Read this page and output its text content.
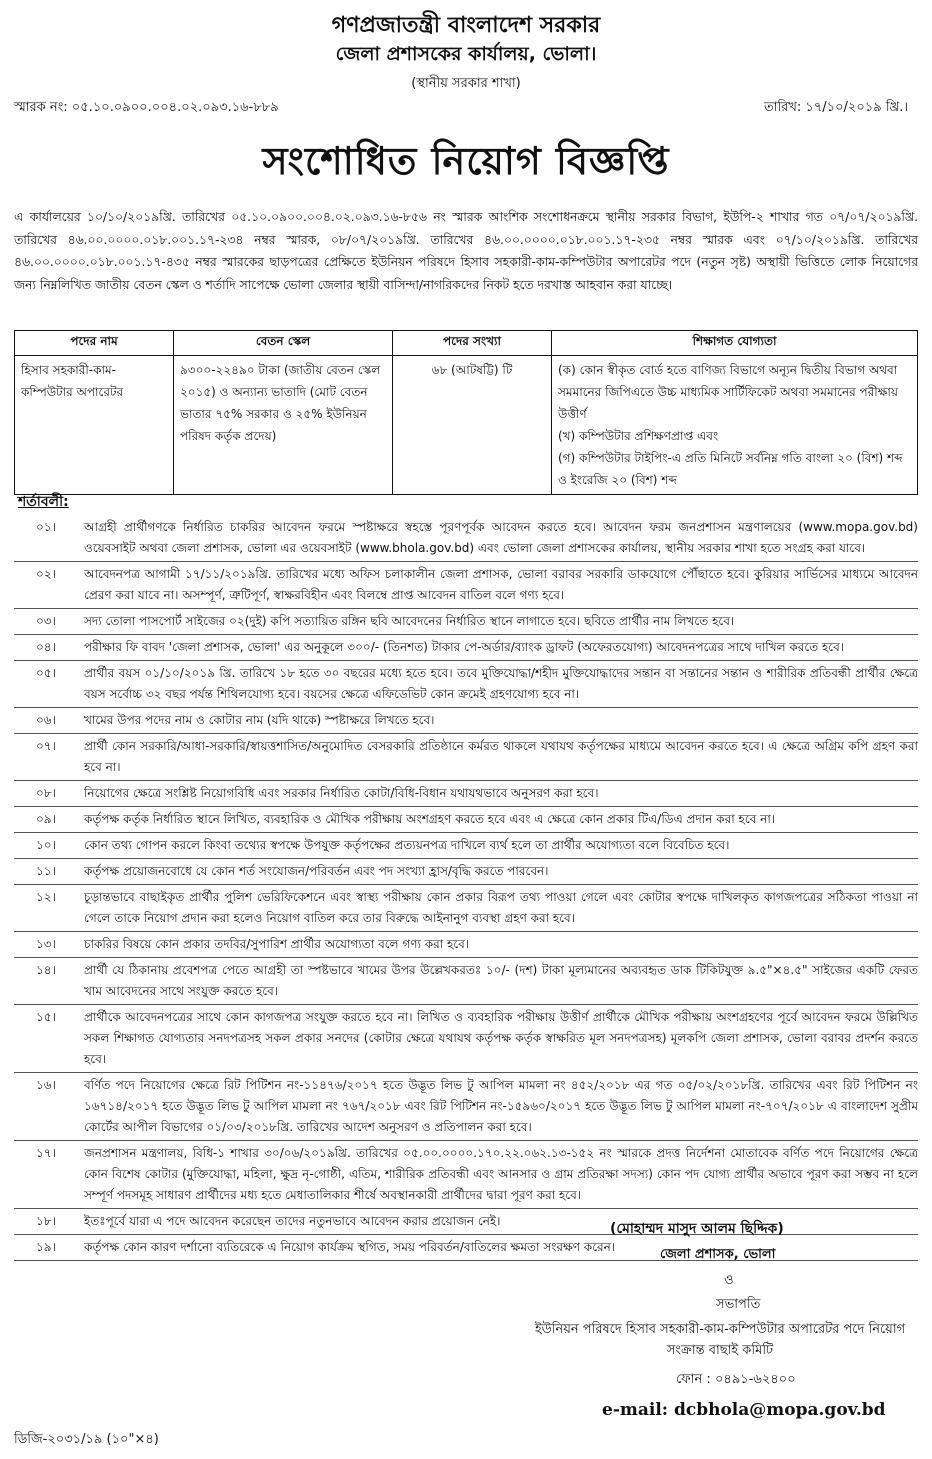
গণপ্রজাতন্ত্রী বাংলাদেশ সরকার
জেলা প্রশাসকের কার্যালয়, ভোলা।
(স্থানীয় সরকার শাখা)
স্মারক নং: ০৫.১০.০৯০০.০০৪.০২.০৯৩.১৬-৮৮৯	তারিখ: ১৭/১০/২০১৯ খ্রি.।
সংশোধিত নিয়োগ বিজ্ঞপ্তি
এ কার্যালয়ের ১০/১০/২০১৯খ্রি. তারিখের ০৫.১০.০৯০০.০০৪.০২.০৯৩.১৬-৮৫৬ নং স্মারক আংশিক সংশোধনক্রমে স্থানীয় সরকার বিভাগ, ইউপি-২ শাখার গত ০৭/০৭/২০১৯খ্রি. তারিখের ৪৬.০০.০০০০.০১৮.০০১.১৭-২৩৪ নম্বর স্মারক, ০৮/০৭/২০১৯খ্রি. তারিখের ৪৬.০০.০০০০.০১৮.০০১.১৭-২৩৫ নম্বর স্মারক এবং ০৭/১০/২০১৯খ্রি. তারিখের ৪৬.০০.০০০০.০১৮.০০১.১৭-৪৩৫ নম্বর স্মারকের ছাড়পত্রের প্রেক্ষিতে ইউনিয়ন পরিষদে হিসাব সহকারী-কাম-কম্পিউটার অপারেটর পদে (নতুন সৃষ্ট) অস্থায়ী ভিত্তিতে লোক নিয়োগের জন্য নিম্নলিখিত জাতীয় বেতন স্কেল ও শর্তাদি সাপেক্ষে ভোলা জেলার স্থায়ী বাসিন্দা/নাগরিকদের নিকট হতে দরখাস্ত আহবান করা যাচ্ছে।
পদের নাম	বেতন স্কেল	পদের সংখ্যা	শিক্ষাগত যোগ্যতা
হিসাব সহকারী-কাম-কম্পিউটার অপারেটর	৯৩০০-২২৪৯০ টাকা (জাতীয় বেতন স্কেল ২০১৫) ও অন্যান্য ভাতাদি (মোট বেতন ভাতার ৭৫% সরকার ও ২৫% ইউনিয়ন পরিষদ কর্তৃক প্রদেয়)	৬৮ (আটষট্টি) টি	(ক) কোন স্বীকৃত বোর্ড হতে বাণিজ্য বিভাগে অন্যূন দ্বিতীয় বিভাগ অথবা সমমানের জিপিএতে উচ্চ মাধ্যমিক সার্টিফিকেট অথবা সমমানের পরীক্ষায় উত্তীর্ণ
(খ) কম্পিউটার প্রশিক্ষণপ্রাপ্ত এবং
(গ) কম্পিউটার টাইপিং-এ প্রতি মিনিটে সর্বনিম্ন গতি বাংলা ২০ (বিশ) শব্দ ও ইংরেজি ২০ (বিশ) শব্দ
শর্তাবলী:
০১।	আগ্রহী প্রার্থীগণকে নির্ধারিত চাকরির আবেদন ফরমে স্পষ্টাক্ষরে স্বহস্তে পূরণপূর্বক আবেদন করতে হবে। আবেদন ফরম জনপ্রশাসন মন্ত্রণালয়ের (www.mopa.gov.bd) ওয়েবসাইট অথবা জেলা প্রশাসক, ভোলা এর ওয়েবসাইট (www.bhola.gov.bd) এবং ভোলা জেলা প্রশাসকের কার্যালয়, স্থানীয় সরকার শাখা হতে সংগ্রহ করা যাবে।
০২।	আবেদনপত্র আগামী ১৭/১১/২০১৯খ্রি. তারিখের মধ্যে অফিস চলাকালীন জেলা প্রশাসক, ভোলা বরাবর সরকারি ডাকযোগে পৌঁছাতে হবে। কুরিয়ার সার্ভিসের মাধ্যমে আবেদন প্রেরণ করা যাবে না। অসম্পূর্ণ, ত্রুটিপূর্ণ, স্বাক্ষরবিহীন এবং বিলম্বে প্রাপ্ত আবেদন বাতিল বলে গণ্য হবে।
০৩।	সদ্য তোলা পাসপোর্ট সাইজের ০২(দুই) কপি সত্যায়িত রঙ্গিন ছবি আবেদনের নির্ধারিত স্থানে লাগাতে হবে। ছবিতে প্রার্থীর নাম লিখতে হবে।
০৪।	পরীক্ষার ফি বাবদ 'জেলা প্রশাসক, ভোলা' এর অনুকূলে ৩০০/- (তিনশত) টাকার পে-অর্ডার/ব্যাংক ড্রাফট (অফেরতযোগ্য) আবেদনপত্রের সাথে দাখিল করতে হবে।
০৫।	প্রার্থীর বয়স ০১/১০/২০১৯ খ্রি. তারিখে ১৮ হতে ৩০ বছরের মধ্যে হতে হবে। তবে মুক্তিযোদ্ধা/শহীদ মুক্তিযোদ্ধাদের সন্তান বা সন্তানের সন্তান ও শারীরিক প্রতিবন্ধী প্রার্থীর ক্ষেত্রে বয়স সর্বোচ্চ ৩২ বছর পর্যন্ত শিথিলযোগ্য হবে। বয়সের ক্ষেত্রে এফিডেভিট কোন ক্রমেই গ্রহণযোগ্য হবে না।
০৬।	খামের উপর পদের নাম ও কোটার নাম (যদি থাকে) স্পষ্টাক্ষরে লিখতে হবে।
০৭।	প্রার্থী কোন সরকারি/আধা-সরকারি/স্বায়ত্তশাসিত/অনুমোদিত বেসরকারি প্রতিষ্ঠানে কর্মরত থাকলে যথাযথ কর্তৃপক্ষের মাধ্যমে আবেদন করতে হবে। এ ক্ষেত্রে অগ্রিম কপি গ্রহণ করা হবে না।
০৮।	নিয়োগের ক্ষেত্রে সংশ্লিষ্ট নিয়োগবিধি এবং সরকার নির্ধারিত কোটা/বিধি-বিধান যথাযথভাবে অনুসরণ করা হবে।
০৯।	কর্তৃপক্ষ কর্তৃক নির্ধারিত স্থানে লিখিত, ব্যবহারিক ও মৌখিক পরীক্ষায় অংশগ্রহণ করতে হবে এবং এ ক্ষেত্রে কোন প্রকার টিএ/ডিএ প্রদান করা হবে না।
১০।	কোন তথ্য গোপন করলে কিংবা তথ্যের স্বপক্ষে উপযুক্ত কর্তৃপক্ষের প্রত্যয়নপত্র দাখিলে ব্যর্থ হলে তা প্রার্থীর অযোগ্যতা বলে বিবেচিত হবে।
১১।	কর্তৃপক্ষ প্রয়োজনবোধে যে কোন শর্ত সংযোজন/পরিবর্তন এবং পদ সংখ্যা হ্রাস/বৃদ্ধি করতে পারবেন।
১২।	চূড়ান্তভাবে বাছাইকৃত প্রার্থীর পুলিশ ভেরিফিকেশনে এবং স্বাস্থ্য পরীক্ষায় কোন প্রকার বিরূপ তথ্য পাওয়া গেলে এবং কোটার স্বপক্ষে দাখিলকৃত কাগজপত্রের সঠিকতা পাওয়া না গেলে তাকে নিয়োগ প্রদান করা হলেও নিয়োগ বাতিল করে তার বিরুদ্ধে আইনানুগ ব্যবস্থা গ্রহণ করা হবে।
১৩।	চাকরির বিষয়ে কোন প্রকার তদবির/সুপারিশ প্রার্থীর অযোগ্যতা বলে গণ্য করা হবে।
১৪।	প্রার্থী যে ঠিকানায় প্রবেশপত্র পেতে আগ্রহী তা স্পষ্টভাবে খামের উপর উল্লেখকরতঃ ১০/- (দশ) টাকা মূল্যমানের অব্যবহৃত ডাক টিকিটযুক্ত ৯.৫"×৪.৫" সাইজের একটি ফেরত খাম আবেদনের সাথে সংযুক্ত করতে হবে।
১৫।	প্রার্থীকে আবেদনপত্রের সাথে কোন কাগজপত্র সংযুক্ত করতে হবে না। লিখিত ও ব্যবহারিক পরীক্ষায় উত্তীর্ণ প্রার্থীকে মৌখিক পরীক্ষায় অংশগ্রহণের পূর্বে আবেদন ফরমে উল্লিখিত সকল শিক্ষাগত যোগ্যতার সনদপত্রসহ সকল প্রকার সনদের (কোটার ক্ষেত্রে যথাযথ কর্তৃপক্ষ কর্তৃক স্বাক্ষরিত মূল সনদপত্রসহ) মূলকপি জেলা প্রশাসক, ভোলা বরাবর প্রদর্শন করতে হবে।
১৬।	বর্ণিত পদে নিয়োগের ক্ষেত্রে রিট পিটিশন নং-১১৪৭৬/২০১৭ হতে উদ্ভূত লিভ টু আপিল মামলা নং ৪৫২/২০১৮ এর গত ০৫/০২/২০১৮খ্রি. তারিখের এবং রিট পিটিশন নং ১৬৭১৪/২০১৭ হতে উদ্ভূত লিভ টু আপিল মামলা নং ৭৬৭/২০১৮ এবং রিট পিটিশন নং-১৫৯৬০/২০১৭ হতে উদ্ভূত লিভ টু আপিল মামলা নং-৭০৭/২০১৮ এ বাংলাদেশ সুপ্রীম কোর্টের আপীল বিভাগের ০১/০৩/২০১৮খ্রি. তারিখের আদেশ অনুসরণ ও প্রতিপালন করা হবে।
১৭।	জনপ্রশাসন মন্ত্রণালয়, বিধি-১ শাখার ৩০/০৬/২০১৯খ্রি. তারিখের ০৫.০০.০০০০.১৭০.২২.০৬২.১৩-১৫২ নং স্মারকে প্রদত্ত নির্দেশনা মোতাবেক বর্ণিত পদে নিয়োগের ক্ষেত্রে কোন বিশেষ কোটার (মুক্তিযোদ্ধা, মহিলা, ক্ষুদ্র নৃ-গোষ্ঠী, এতিম, শারীরিক প্রতিবন্ধী এবং আনসার ও গ্রাম প্রতিরক্ষা সদস্য) কোন পদ যোগ্য প্রার্থীর অভাবে পূরণ করা সম্ভব না হলে সম্পূর্ণ পদসমূহ সাধারণ প্রার্থীদের মধ্য হতে মেধাতালিকার শীর্ষে অবস্থানকারী প্রার্থীদের দ্বারা পূরণ করা হবে।
১৮।	ইতঃপূর্বে যারা এ পদে আবেদন করেছেন তাদের নতুনভাবে আবেদন করার প্রয়োজন নেই।
১৯।	কর্তৃপক্ষ কোন কারণ দর্শানো ব্যতিরেকে এ নিয়োগ কার্যক্রম স্থগিত, সময় পরিবর্তন/বাতিলের ক্ষমতা সংরক্ষণ করেন।
(মোহাম্মদ মাসুদ আলম ছিদ্দিক)
জেলা প্রশাসক, ভোলা
ও
সভাপতি
ইউনিয়ন পরিষদে হিসাব সহকারী-কাম-কম্পিউটার অপারেটর পদে নিয়োগ সংক্রান্ত বাছাই কমিটি
ফোন : ০৪৯১-৬২৪০০
e-mail: dcbhola@mopa.gov.bd
ডিজি-২০৩১/১৯ (১০"×৪)
